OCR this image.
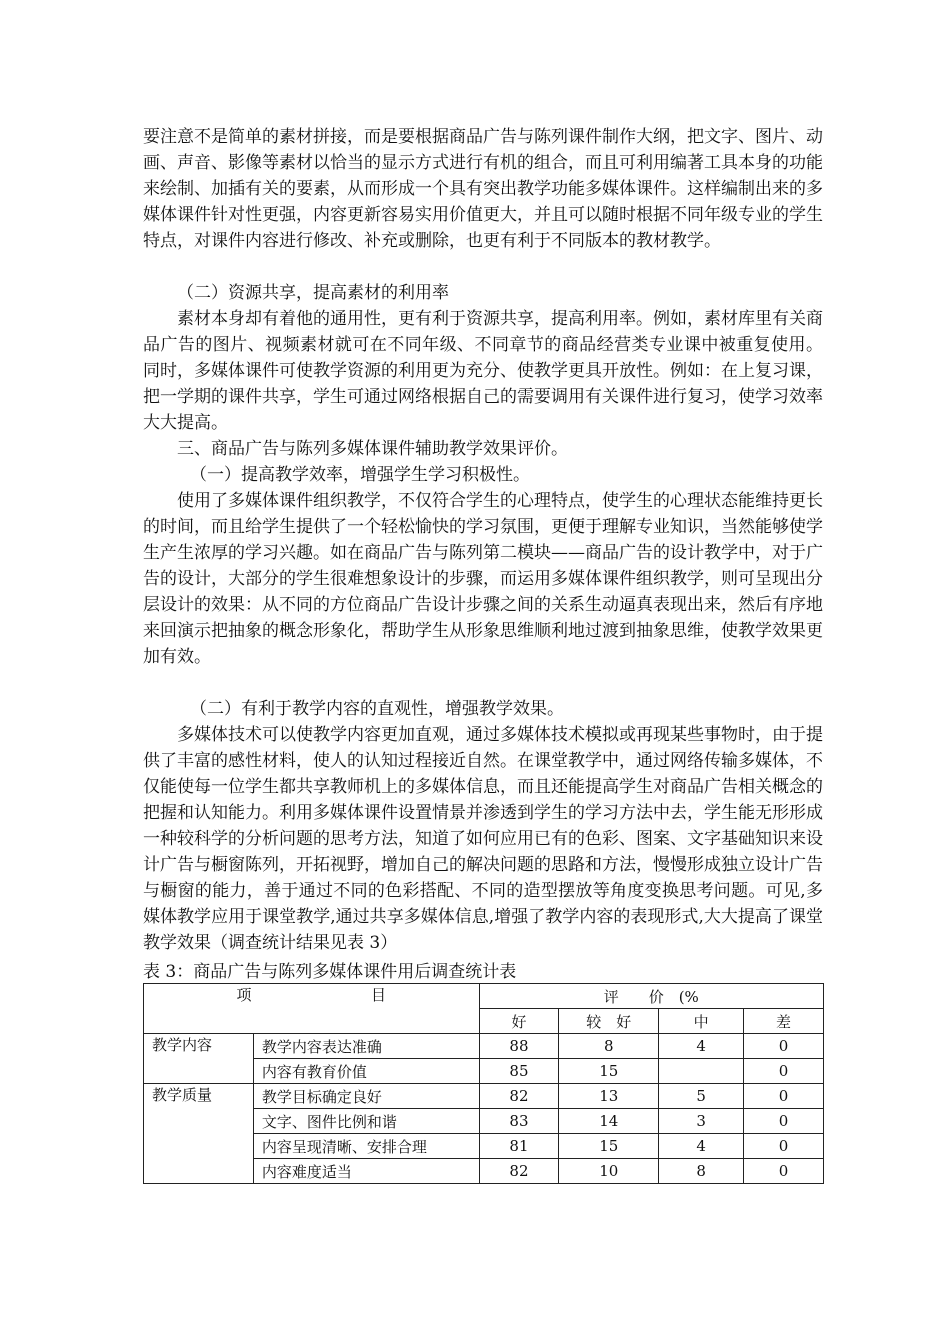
要注意不是简单的素材拼接，而是要根据商品广告与陈列课件制作大纲，把文字、图片、动画、声音、影像等素材以恰当的显示方式进行有机的组合，而且可利用编著工具本身的功能来绘制、加插有关的要素，从而形成一个具有突出教学功能多媒体课件。这样编制出来的多媒体课件针对性更强，内容更新容易实用价值更大，并且可以随时根据不同年级专业的学生特点，对课件内容进行修改、补充或删除，也更有利于不同版本的教材教学。

（二）资源共享，提高素材的利用率

素材本身却有着他的通用性，更有利于资源共享，提高利用率。例如，素材库里有关商品广告的图片、视频素材就可在不同年级、不同章节的商品经营类专业课中被重复使用。 同时，多媒体课件可使教学资源的利用更为充分、使教学更具开放性。例如：在上复习课，把一学期的课件共享，学生可通过网络根据自己的需要调用有关课件进行复习，使学习效率大大提高。

三、商品广告与陈列多媒体课件辅助教学效果评价。

（一）提高教学效率，增强学生学习积极性。

使用了多媒体课件组织教学，不仅符合学生的心理特点，使学生的心理状态能维持更长的时间，而且给学生提供了一个轻松愉快的学习氛围，更便于理解专业知识，当然能够使学生产生浓厚的学习兴趣。如在商品广告与陈列第二模块——商品广告的设计教学中，对于广告的设计，大部分的学生很难想象设计的步骤，而运用多媒体课件组织教学，则可呈现出分层设计的效果：从不同的方位商品广告设计步骤之间的关系生动逼真表现出来，然后有序地来回演示把抽象的概念形象化，帮助学生从形象思维顺利地过渡到抽象思维，使教学效果更加有效。

（二）有利于教学内容的直观性，增强教学效果。

多媒体技术可以使教学内容更加直观，通过多媒体技术模拟或再现某些事物时，由于提供了丰富的感性材料，使人的认知过程接近自然。在课堂教学中，通过网络传输多媒体，不仅能使每一位学生都共享教师机上的多媒体信息，而且还能提高学生对商品广告相关概念的把握和认知能力。利用多媒体课件设置情景并渗透到学生的学习方法中去，学生能无形形成一种较科学的分析问题的思考方法，知道了如何应用已有的色彩、图案、文字基础知识来设计广告与橱窗陈列，开拓视野，增加自己的解决问题的思路和方法，慢慢形成独立设计广告与橱窗的能力，善于通过不同的色彩搭配、不同的造型摆放等角度变换思考问题。可见,多媒体教学应用于课堂教学,通过共享多媒体信息,增强了教学内容的表现形式,大大提高了课堂教学效果（调查统计结果见表 3）

表 3：商品广告与陈列多媒体课件用后调查统计表

项 目		评　　价　(%			
		好	较　好	中	差
教学内容	教学内容表达准确	88	8	4	0
	内容有教育价值	85	15		0
教学质量	教学目标确定良好	82	13	5	0
	文字、图件比例和谐	83	14	3	0
	内容呈现清晰、安排合理	81	15	4	0
	内容难度适当	82	10	8	0
